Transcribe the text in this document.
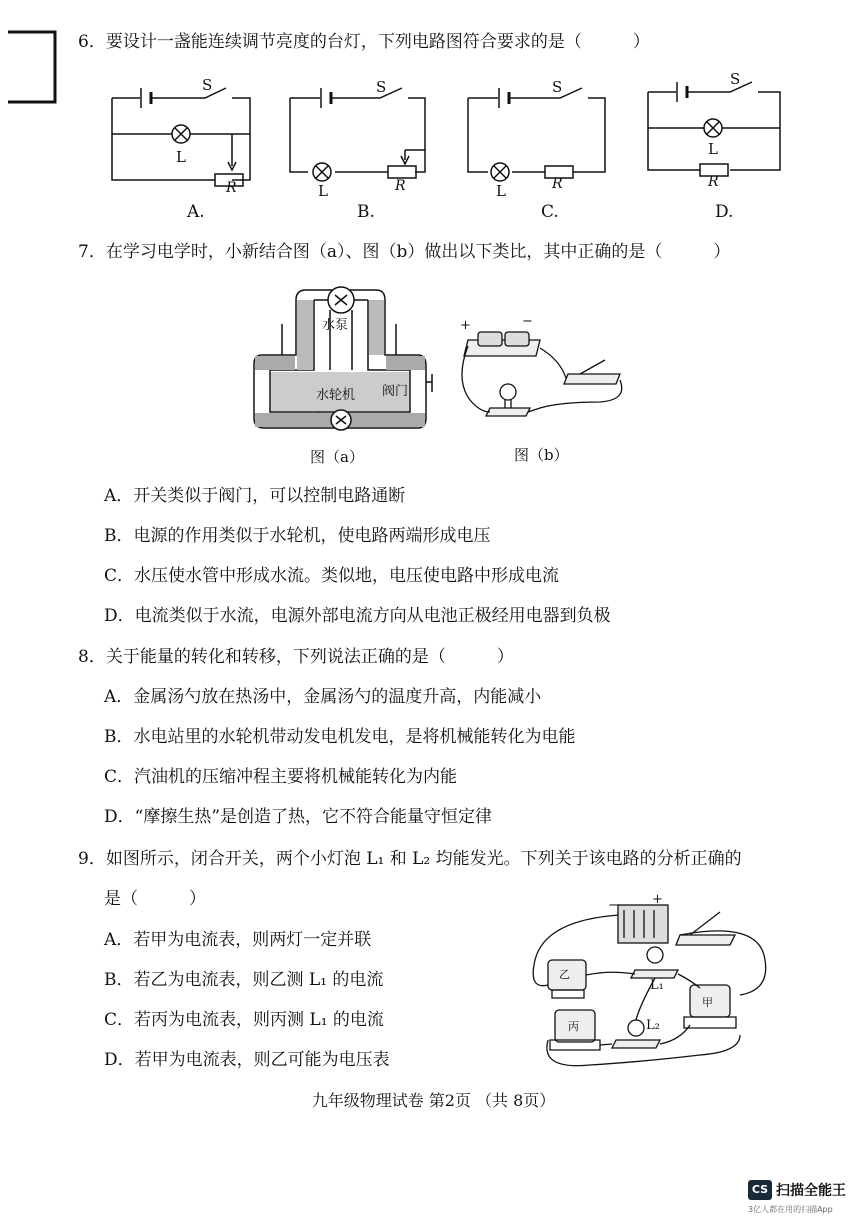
6．要设计一盏能连续调节亮度的台灯，下列电路图符合要求的是（　　　）
S
L
R
A.
S
L	R
B.
S
L	R
C.
S
L
R
D.
7．在学习电学时，小新结合图（a）、图（b）做出以下类比，其中正确的是（　　　）
水泵
水轮机 阀门
图（a）
+	−
图（b）
A．开关类似于阀门，可以控制电路通断
B．电源的作用类似于水轮机，使电路两端形成电压
C．水压使水管中形成水流。类似地，电压使电路中形成电流
D．电流类似于水流，电源外部电流方向从电池正极经用电器到负极
8．关于能量的转化和转移，下列说法正确的是（　　　）
A．金属汤勺放在热汤中，金属汤勺的温度升高，内能减小
B．水电站里的水轮机带动发电机发电，是将机械能转化为电能
C．汽油机的压缩冲程主要将机械能转化为内能
D．“摩擦生热”是创造了热，它不符合能量守恒定律
9．如图所示，闭合开关，两个小灯泡 L₁ 和 L₂ 均能发光。下列关于该电路的分析正确的
是（　　　）
A．若甲为电流表，则两灯一定并联
B．若乙为电流表，则乙测 L₁ 的电流
C．若丙为电流表，则丙测 L₁ 的电流
D．若甲为电流表，则乙可能为电压表
−	+
L₁
L₂
甲
乙
丙
九年级物理试卷 第2页 （共 8页）
CS 扫描全能王
3亿人都在用的扫描App
